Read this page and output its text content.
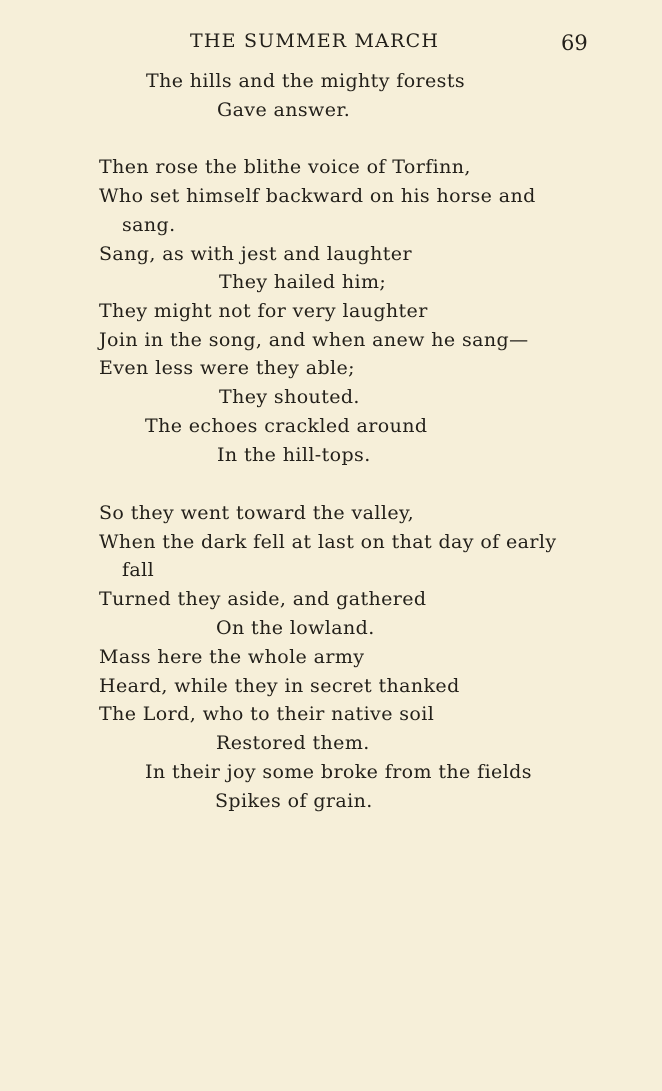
THE SUMMER MARCH	69
The hills and the mighty forests
Gave answer.
Then rose the blithe voice of Torfinn,
Who set himself backward on his horse and
sang.
Sang, as with jest and laughter
They hailed him;
They might not for very laughter
Join in the song, and when anew he sang—
Even less were they able;
They shouted.
The echoes crackled around
In the hill-tops.
So they went toward the valley,
When the dark fell at last on that day of early
fall
Turned they aside, and gathered
On the lowland.
Mass here the whole army
Heard, while they in secret thanked
The Lord, who to their native soil
Restored them.
In their joy some broke from the fields
Spikes of grain.
